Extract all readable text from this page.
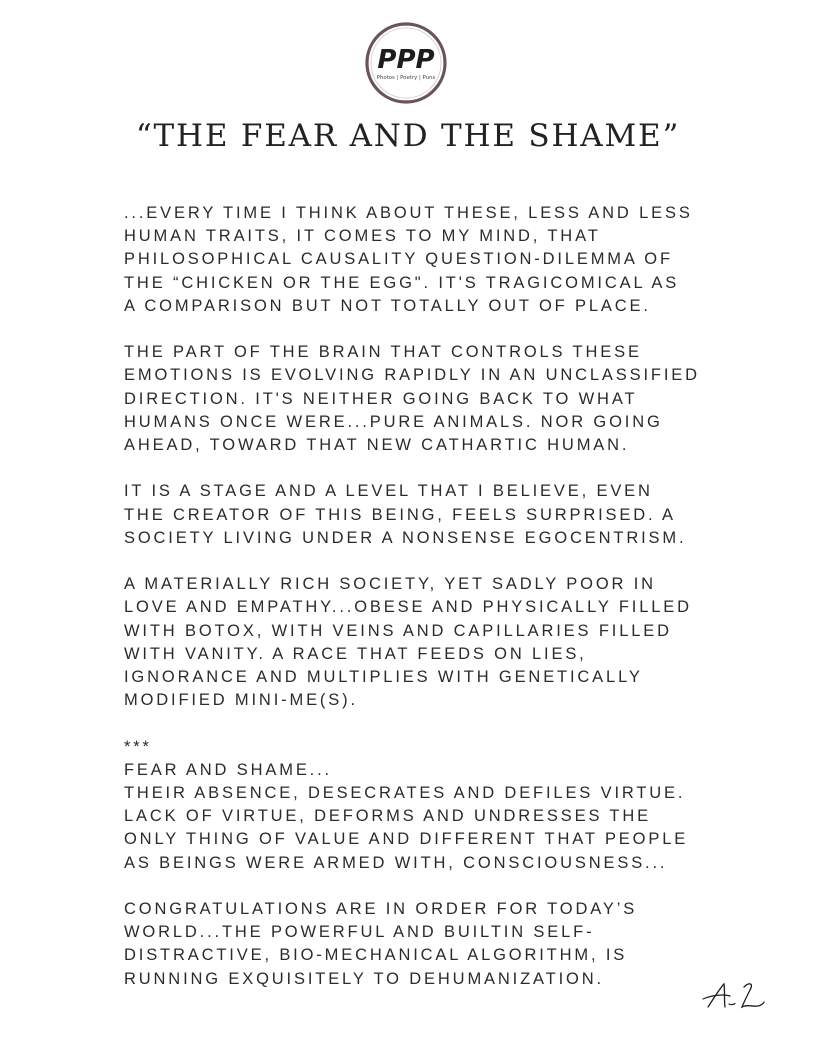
PPP
Photos | Poetry | Puns
“THE FEAR AND THE SHAME”

...EVERY TIME I THINK ABOUT THESE, LESS AND LESS
HUMAN TRAITS, IT COMES TO MY MIND, THAT
PHILOSOPHICAL CAUSALITY QUESTION-DILEMMA OF
THE “CHICKEN OR THE EGG". IT'S TRAGICOMICAL AS
A COMPARISON BUT NOT TOTALLY OUT OF PLACE.

THE PART OF THE BRAIN THAT CONTROLS THESE
EMOTIONS IS EVOLVING RAPIDLY IN AN UNCLASSIFIED
DIRECTION. IT'S NEITHER GOING BACK TO WHAT
HUMANS ONCE WERE...PURE ANIMALS. NOR GOING
AHEAD, TOWARD THAT NEW CATHARTIC HUMAN.

IT IS A STAGE AND A LEVEL THAT I BELIEVE, EVEN
THE CREATOR OF THIS BEING, FEELS SURPRISED. A
SOCIETY LIVING UNDER A NONSENSE EGOCENTRISM.

A MATERIALLY RICH SOCIETY, YET SADLY POOR IN
LOVE AND EMPATHY...OBESE AND PHYSICALLY FILLED
WITH BOTOX, WITH VEINS AND CAPILLARIES FILLED
WITH VANITY. A RACE THAT FEEDS ON LIES,
IGNORANCE AND MULTIPLIES WITH GENETICALLY
MODIFIED MINI-ME(S).

***

FEAR AND SHAME...

THEIR ABSENCE, DESECRATES AND DEFILES VIRTUE.
LACK OF VIRTUE, DEFORMS AND UNDRESSES THE
ONLY THING OF VALUE AND DIFFERENT THAT PEOPLE
AS BEINGS WERE ARMED WITH, CONSCIOUSNESS...

CONGRATULATIONS ARE IN ORDER FOR TODAY’S
WORLD...THE POWERFUL AND BUILTIN SELF-
DISTRACTIVE, BIO-MECHANICAL ALGORITHM, IS
RUNNING EXQUISITELY TO DEHUMANIZATION.
